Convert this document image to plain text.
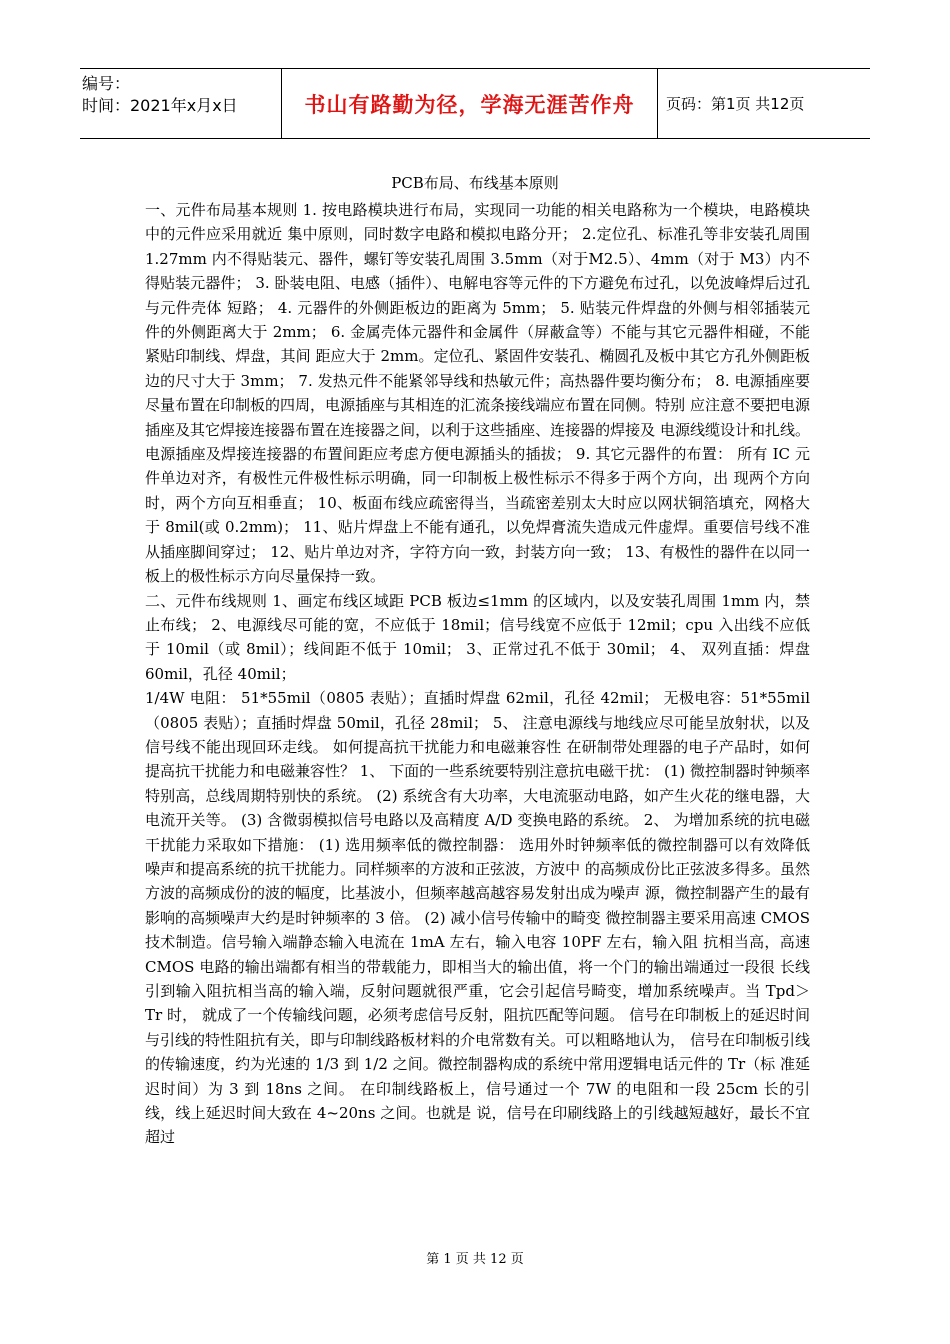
编号：
时间：2021年x月x日	书山有路勤为径，学海无涯苦作舟	页码：第1页 共12页
PCB布局、布线基本原则

一、元件布局基本规则 1. 按电路模块进行布局，实现同一功能的相关电路称为一个模块，电路模块中的元件应采用就近 集中原则，同时数字电路和模拟电路分开； 2.定位孔、标准孔等非安装孔周围 1.27mm 内不得贴装元、器件，螺钉等安装孔周围 3.5mm（对于M2.5）、4mm（对于 M3）内不得贴装元器件； 3. 卧装电阻、电感（插件）、电解电容等元件的下方避免布过孔，以免波峰焊后过孔与元件壳体 短路； 4. 元器件的外侧距板边的距离为 5mm； 5. 贴装元件焊盘的外侧与相邻插装元件的外侧距离大于 2mm； 6. 金属壳体元器件和金属件（屏蔽盒等）不能与其它元器件相碰，不能紧贴印制线、焊盘，其间 距应大于 2mm。定位孔、紧固件安装孔、椭圆孔及板中其它方孔外侧距板边的尺寸大于 3mm； 7. 发热元件不能紧邻导线和热敏元件；高热器件要均衡分布； 8. 电源插座要尽量布置在印制板的四周，电源插座与其相连的汇流条接线端应布置在同侧。特别 应注意不要把电源插座及其它焊接连接器布置在连接器之间，以利于这些插座、连接器的焊接及 电源线缆设计和扎线。电源插座及焊接连接器的布置间距应考虑方便电源插头的插拔； 9. 其它元器件的布置： 所有 IC 元件单边对齐，有极性元件极性标示明确，同一印制板上极性标示不得多于两个方向，出 现两个方向时，两个方向互相垂直； 10、板面布线应疏密得当，当疏密差别太大时应以网状铜箔填充，网格大于 8mil(或 0.2mm)； 11、贴片焊盘上不能有通孔，以免焊膏流失造成元件虚焊。重要信号线不准从插座脚间穿过； 12、贴片单边对齐，字符方向一致，封装方向一致； 13、有极性的器件在以同一板上的极性标示方向尽量保持一致。

二、元件布线规则 1、画定布线区域距 PCB 板边≤1mm 的区域内，以及安装孔周围 1mm 内，禁止布线； 2、电源线尽可能的宽，不应低于 18mil；信号线宽不应低于 12mil；cpu 入出线不应低于 10mil（或 8mil）；线间距不低于 10mil； 3、正常过孔不低于 30mil； 4、 双列直插：焊盘 60mil，孔径 40mil；

1/4W 电阻： 51*55mil（0805 表贴）；直插时焊盘 62mil，孔径 42mil； 无极电容：51*55mil（0805 表贴）；直插时焊盘 50mil，孔径 28mil； 5、 注意电源线与地线应尽可能呈放射状，以及信号线不能出现回环走线。 如何提高抗干扰能力和电磁兼容性 在研制带处理器的电子产品时，如何提高抗干扰能力和电磁兼容性？ 1、 下面的一些系统要特别注意抗电磁干扰： (1) 微控制器时钟频率特别高，总线周期特别快的系统。 (2) 系统含有大功率，大电流驱动电路，如产生火花的继电器，大电流开关等。 (3) 含微弱模拟信号电路以及高精度 A/D 变换电路的系统。 2、 为增加系统的抗电磁干扰能力采取如下措施： (1) 选用频率低的微控制器： 选用外时钟频率低的微控制器可以有效降低噪声和提高系统的抗干扰能力。同样频率的方波和正弦波，方波中 的高频成份比正弦波多得多。虽然方波的高频成份的波的幅度，比基波小，但频率越高越容易发射出成为噪声 源，微控制器产生的最有影响的高频噪声大约是时钟频率的 3 倍。 (2) 减小信号传输中的畸变 微控制器主要采用高速 CMOS 技术制造。信号输入端静态输入电流在 1mA 左右，输入电容 10PF 左右，输入阻 抗相当高，高速 CMOS 电路的输出端都有相当的带载能力，即相当大的输出值，将一个门的输出端通过一段很 长线引到输入阻抗相当高的输入端，反射问题就很严重，它会引起信号畸变，增加系统噪声。当 Tpd＞Tr 时， 就成了一个传输线问题，必须考虑信号反射，阻抗匹配等问题。 信号在印制板上的延迟时间与引线的特性阻抗有关，即与印制线路板材料的介电常数有关。可以粗略地认为， 信号在印制板引线的传输速度，约为光速的 1/3 到 1/2 之间。微控制器构成的系统中常用逻辑电话元件的 Tr（标 准延迟时间）为 3 到 18ns 之间。 在印制线路板上，信号通过一个 7W 的电阻和一段 25cm 长的引线，线上延迟时间大致在 4~20ns 之间。也就是 说，信号在印刷线路上的引线越短越好，最长不宜超过

第 1 页 共 12 页
